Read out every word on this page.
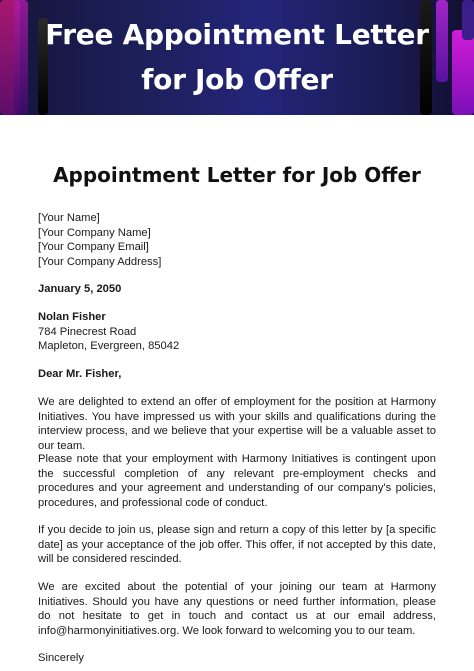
Free Appointment Letter
for Job Offer
Appointment Letter for Job Offer
[Your Name]
[Your Company Name]
[Your Company Email]
[Your Company Address]
January 5, 2050
Nolan Fisher
784 Pinecrest Road
Mapleton, Evergreen, 85042
Dear Mr. Fisher,

We are delighted to extend an offer of employment for the position at Harmony Initiatives. You have impressed us with your skills and qualifications during the interview process, and we believe that your expertise will be a valuable asset to our team.

Please note that your employment with Harmony Initiatives is contingent upon the successful completion of any relevant pre-employment checks and procedures and your agreement and understanding of our company's policies, procedures, and professional code of conduct.

If you decide to join us, please sign and return a copy of this letter by [a specific date] as your acceptance of the job offer. This offer, if not accepted by this date, will be considered rescinded.

We are excited about the potential of your joining our team at Harmony Initiatives. Should you have any questions or need further information, please do not hesitate to get in touch and contact us at our email address, info@harmonyinitiatives.org. We look forward to welcoming you to our team.

Sincerely
